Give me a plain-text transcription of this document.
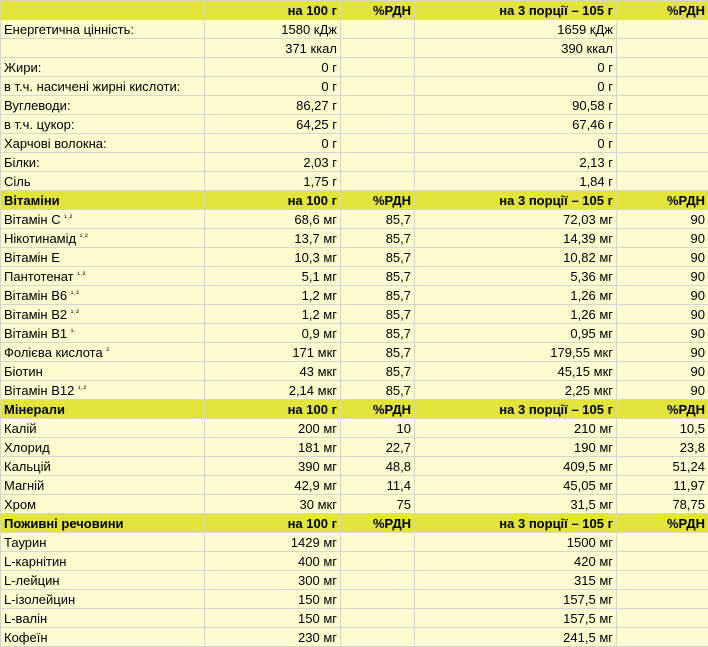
	на 100 г	%РДН	на 3 порції – 105 г	%РДН
Енергетична цінність:	1580 кДж		1659 кДж	
	371 ккал		390 ккал	
Жири:	0 г		0 г	
в т.ч. насичені жирні кислоти:	0 г		0 г	
Вуглеводи:	86,27 г		90,58 г	
в т.ч. цукор:	64,25 г		67,46 г	
Харчові волокна:	0 г		0 г	
Білки:	2,03 г		2,13 г	
Сіль	1,75 г		1,84 г	
Вітаміни	на 100 г	%РДН	на 3 порції – 105 г	%РДН
Вітамін С $^{^1˒^2}$	68,6 мг	85,7	72,03 мг	90
Нікотинамід $^{^1˒^2}$	13,7 мг	85,7	14,39 мг	90
Вітамін Е	10,3 мг	85,7	10,82 мг	90
Пантотенат $^{^1˒^2}$	5,1 мг	85,7	5,36 мг	90
Вітамін В6 $^{^1˒^2}$	1,2 мг	85,7	1,26 мг	90
Вітамін В2 $^{^1˒^2}$	1,2 мг	85,7	1,26 мг	90
Вітамін В1 $^{^1}$	0,9 мг	85,7	0,95 мг	90
Фолієва кислота $^{^2}$	171 мкг	85,7	179,55 мкг	90
Біотин	43 мкг	85,7	45,15 мкг	90
Вітамін В12 $^{^1˒^2}$	2,14 мкг	85,7	2,25 мкг	90
Мінерали	на 100 г	%РДН	на 3 порції – 105 г	%РДН
Калій	200 мг	10	210 мг	10,5
Хлорид	181 мг	22,7	190 мг	23,8
Кальцій	390 мг	48,8	409,5 мг	51,24
Магній	42,9 мг	11,4	45,05 мг	11,97
Хром	30 мкг	75	31,5 мг	78,75
Поживні речовини	на 100 г	%РДН	на 3 порції – 105 г	%РДН
Таурин	1429 мг		1500 мг	
L-карнітин	400 мг		420 мг	
L-лейцин	300 мг		315 мг	
L-ізолейцин	150 мг		157,5 мг	
L-валін	150 мг		157,5 мг	
Кофеїн	230 мг		241,5 мг	
